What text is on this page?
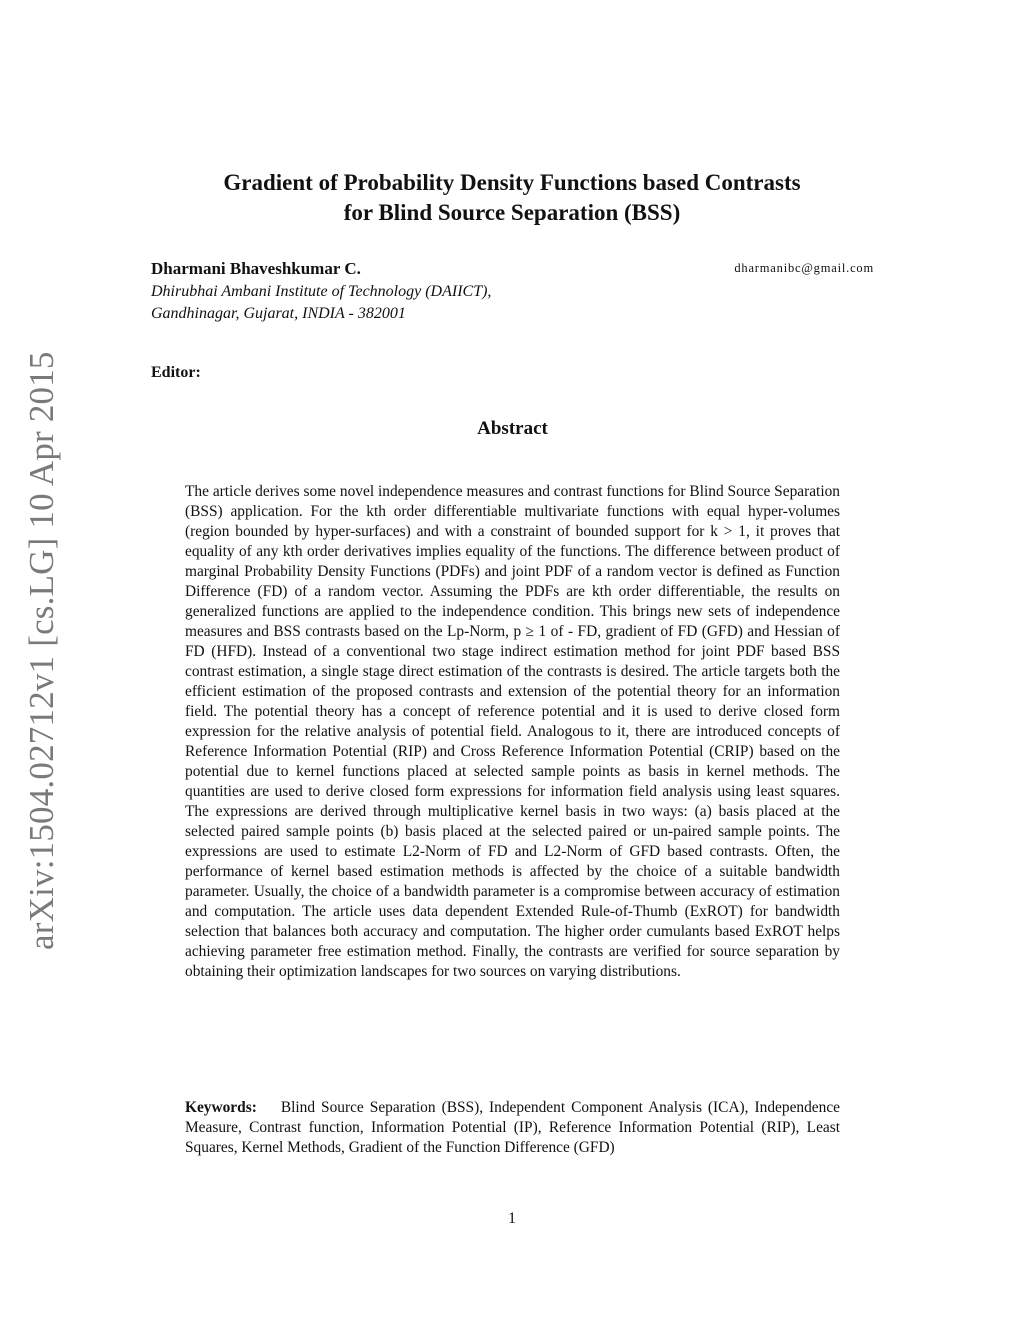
arXiv:1504.02712v1 [cs.LG] 10 Apr 2015
Gradient of Probability Density Functions based Contrasts
for Blind Source Separation (BSS)
Dharmani Bhaveshkumar C.	dharmanibc@gmail.com
Dhirubhai Ambani Institute of Technology (DAIICT),
Gandhinagar, Gujarat, INDIA - 382001
Editor:
Abstract
The article derives some novel independence measures and contrast functions for Blind Source Separation (BSS) application. For the kth order differentiable multivariate functions with equal hyper-volumes (region bounded by hyper-surfaces) and with a constraint of bounded support for k > 1, it proves that equality of any kth order derivatives implies equality of the functions. The difference between product of marginal Probability Density Functions (PDFs) and joint PDF of a random vector is defined as Function Difference (FD) of a random vector. Assuming the PDFs are kth order differentiable, the results on generalized functions are applied to the independence condition. This brings new sets of independence measures and BSS contrasts based on the Lp-Norm, p ≥ 1 of - FD, gradient of FD (GFD) and Hessian of FD (HFD). Instead of a conventional two stage indirect estimation method for joint PDF based BSS contrast estimation, a single stage direct estimation of the contrasts is desired. The article targets both the efficient estimation of the proposed contrasts and extension of the potential theory for an information field. The potential theory has a concept of reference potential and it is used to derive closed form expression for the relative analysis of potential field. Analogous to it, there are introduced concepts of Reference Information Potential (RIP) and Cross Reference Information Potential (CRIP) based on the potential due to kernel functions placed at selected sample points as basis in kernel methods. The quantities are used to derive closed form expressions for information field analysis using least squares. The expressions are derived through multiplicative kernel basis in two ways: (a) basis placed at the selected paired sample points (b) basis placed at the selected paired or un-paired sample points. The expressions are used to estimate L2-Norm of FD and L2-Norm of GFD based contrasts. Often, the performance of kernel based estimation methods is affected by the choice of a suitable bandwidth parameter. Usually, the choice of a bandwidth parameter is a compromise between accuracy of estimation and computation. The article uses data dependent Extended Rule-of-Thumb (ExROT) for bandwidth selection that balances both accuracy and computation. The higher order cumulants based ExROT helps achieving parameter free estimation method. Finally, the contrasts are verified for source separation by obtaining their optimization landscapes for two sources on varying distributions.
Keywords: Blind Source Separation (BSS), Independent Component Analysis (ICA), Independence Measure, Contrast function, Information Potential (IP), Reference Information Potential (RIP), Least Squares, Kernel Methods, Gradient of the Function Difference (GFD)
1
